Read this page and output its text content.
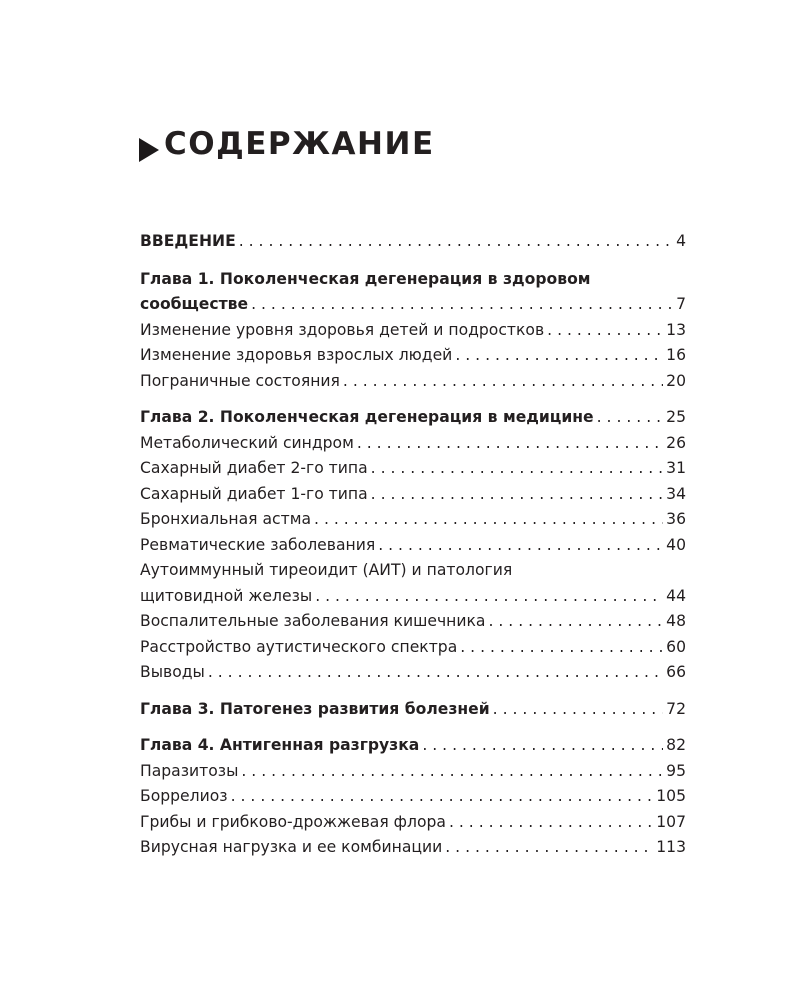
СОДЕРЖАНИЕ
ВВЕДЕНИЕ . . .	4
Глава 1. Поколенческая дегенерация в здоровом
сообществе . . .	7
Изменение уровня здоровья детей и подростков . . .	13
Изменение здоровья взрослых людей . . .	16
Пограничные состояния . . .	20
Глава 2. Поколенческая дегенерация в медицине . . .	25
Метаболический синдром . . .	26
Сахарный диабет 2-го типа . . .	31
Сахарный диабет 1-го типа . . .	34
Бронхиальная астма . . .	36
Ревматические заболевания . . .	40
Аутоиммунный тиреоидит (АИТ) и патология
щитовидной железы . . .	44
Воспалительные заболевания кишечника . . .	48
Расстройство аутистического спектра . . .	60
Выводы . . .	66
Глава 3. Патогенез развития болезней . . .	72
Глава 4. Антигенная разгрузка . . .	82
Паразитозы . . .	95
Боррелиоз . . .	105
Грибы и грибково-дрожжевая флора . . .	107
Вирусная нагрузка и ее комбинации . . .	113
